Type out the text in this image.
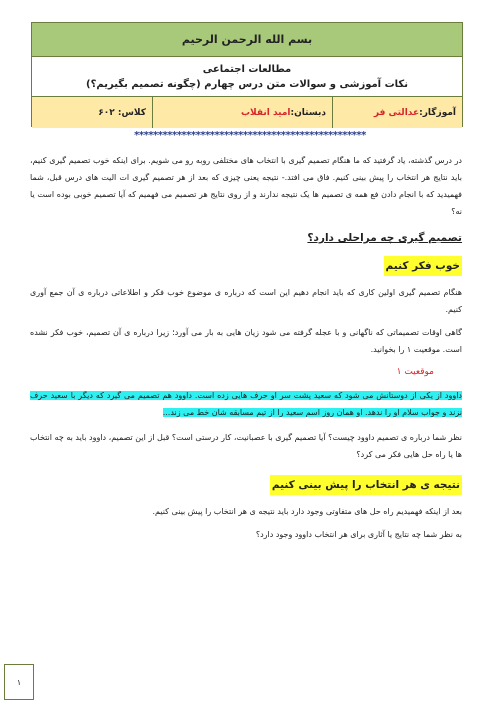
بسم الله الرحمن الرحیم
مطالعات اجتماعی
نکات آموزشی و سوالات متن درس چهارم (چگونه تصمیم بگیریم؟)
آموزگار:
عدالتی فر
دبستان:
امید انقلاب
کلاس: ۶۰۲
*************************************************

در درس گذشته، یاد گرفتید که ما هنگام تصمیم گیری با انتخاب های مختلفی روبه رو می شویم. برای اینکه خوب تصمیم گیری کنیم، باید نتایج هر انتخاب را پیش بینی کنیم. فاق می افتد.- نتیجه یعنی چیزی که بعد از هر تصمیم گیری ات الیت های درس قبل، شما فهمیدید که با انجام دادن فع همه ی تصمیم ها یک نتیجه ندارند و از روی نتایج هر تصمیم می فهمیم که آیا تصمیم خوبی بوده است یا نه؟

تصمیم گیری چه مراحلی دارد؟

خوب فکر کنیم

هنگام تصمیم گیری اولین کاری که باید انجام دهیم این است که درباره ی موضوع خوب فکر و اطلاعاتی درباره ی آن جمع آوری کنیم.

گاهی اوقات تصمیماتی که ناگهانی و با عجله گرفته می شود زیان هایی به بار می آورد؛ زیرا درباره ی آن تصمیم، خوب فکر نشده است. موقعیت ۱ را بخوانید.

موقعیت ۱

داوود از یکی از دوستانش می شود که سعید پشت سر او حرف هایی زده است. داوود هم تصمیم می گیرد که دیگر با سعید حرف نزند و جواب سلام او را ندهد. او همان روز اسم سعید را از تیم مسابقه شان خط می زند...

نظر شما درباره ی تصمیم داوود چیست؟ آیا تصمیم گیری با عصبانیت، کار درستی است؟ قبل از این تصمیم، داوود باید به چه انتخاب ها یا راه حل هایی فکر می کرد؟

نتیجه ی هر انتخاب را پیش بینی کنیم

بعد از اینکه فهمیدیم راه حل های متفاوتی وجود دارد باید نتیجه ی هر انتخاب را پیش بینی کنیم.

به نظر شما چه نتایج یا آثاری برای هر انتخاب داوود وجود دارد؟

۱
